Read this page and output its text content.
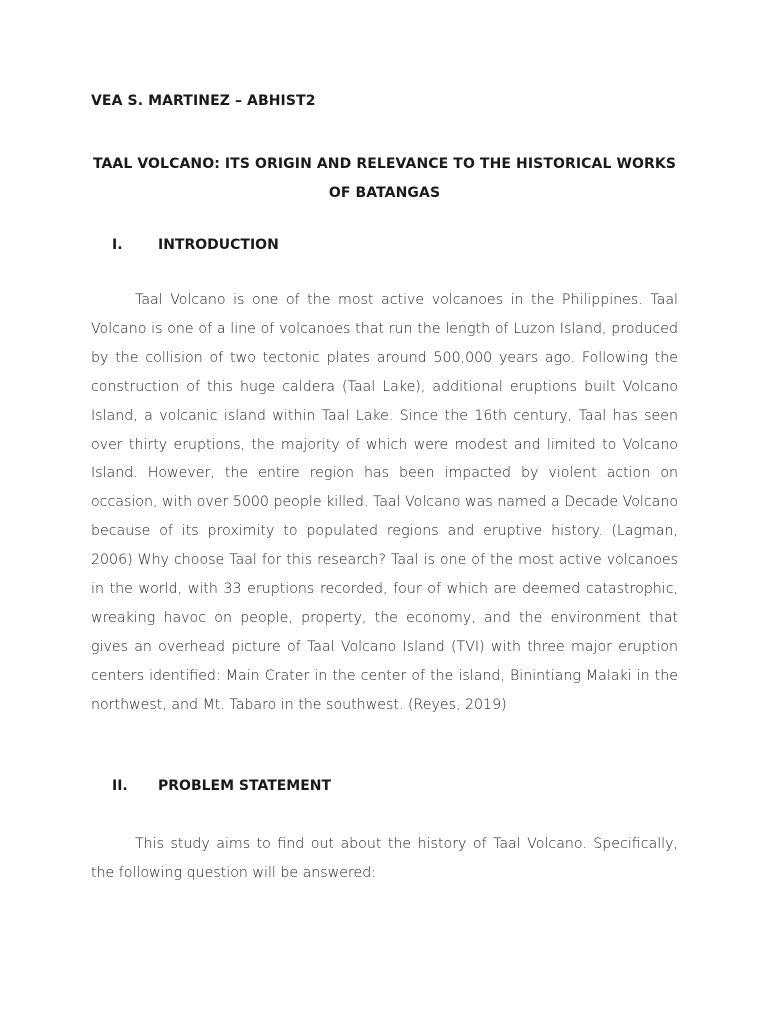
VEA S. MARTINEZ – ABHIST2
TAAL VOLCANO: ITS ORIGIN AND RELEVANCE TO THE HISTORICAL WORKS OF BATANGAS
I.	INTRODUCTION
Taal Volcano is one of the most active volcanoes in the Philippines. Taal Volcano is one of a line of volcanoes that run the length of Luzon Island, produced by the collision of two tectonic plates around 500,000 years ago. Following the construction of this huge caldera (Taal Lake), additional eruptions built Volcano Island, a volcanic island within Taal Lake. Since the 16th century, Taal has seen over thirty eruptions, the majority of which were modest and limited to Volcano Island. However, the entire region has been impacted by violent action on occasion, with over 5000 people killed. Taal Volcano was named a Decade Volcano because of its proximity to populated regions and eruptive history. (Lagman, 2006) Why choose Taal for this research? Taal is one of the most active volcanoes in the world, with 33 eruptions recorded, four of which are deemed catastrophic, wreaking havoc on people, property, the economy, and the environment that gives an overhead picture of Taal Volcano Island (TVI) with three major eruption centers identified: Main Crater in the center of the island, Binintiang Malaki in the northwest, and Mt. Tabaro in the southwest. (Reyes, 2019)
II. PROBLEM STATEMENT
This study aims to find out about the history of Taal Volcano. Specifically, the following question will be answered:
